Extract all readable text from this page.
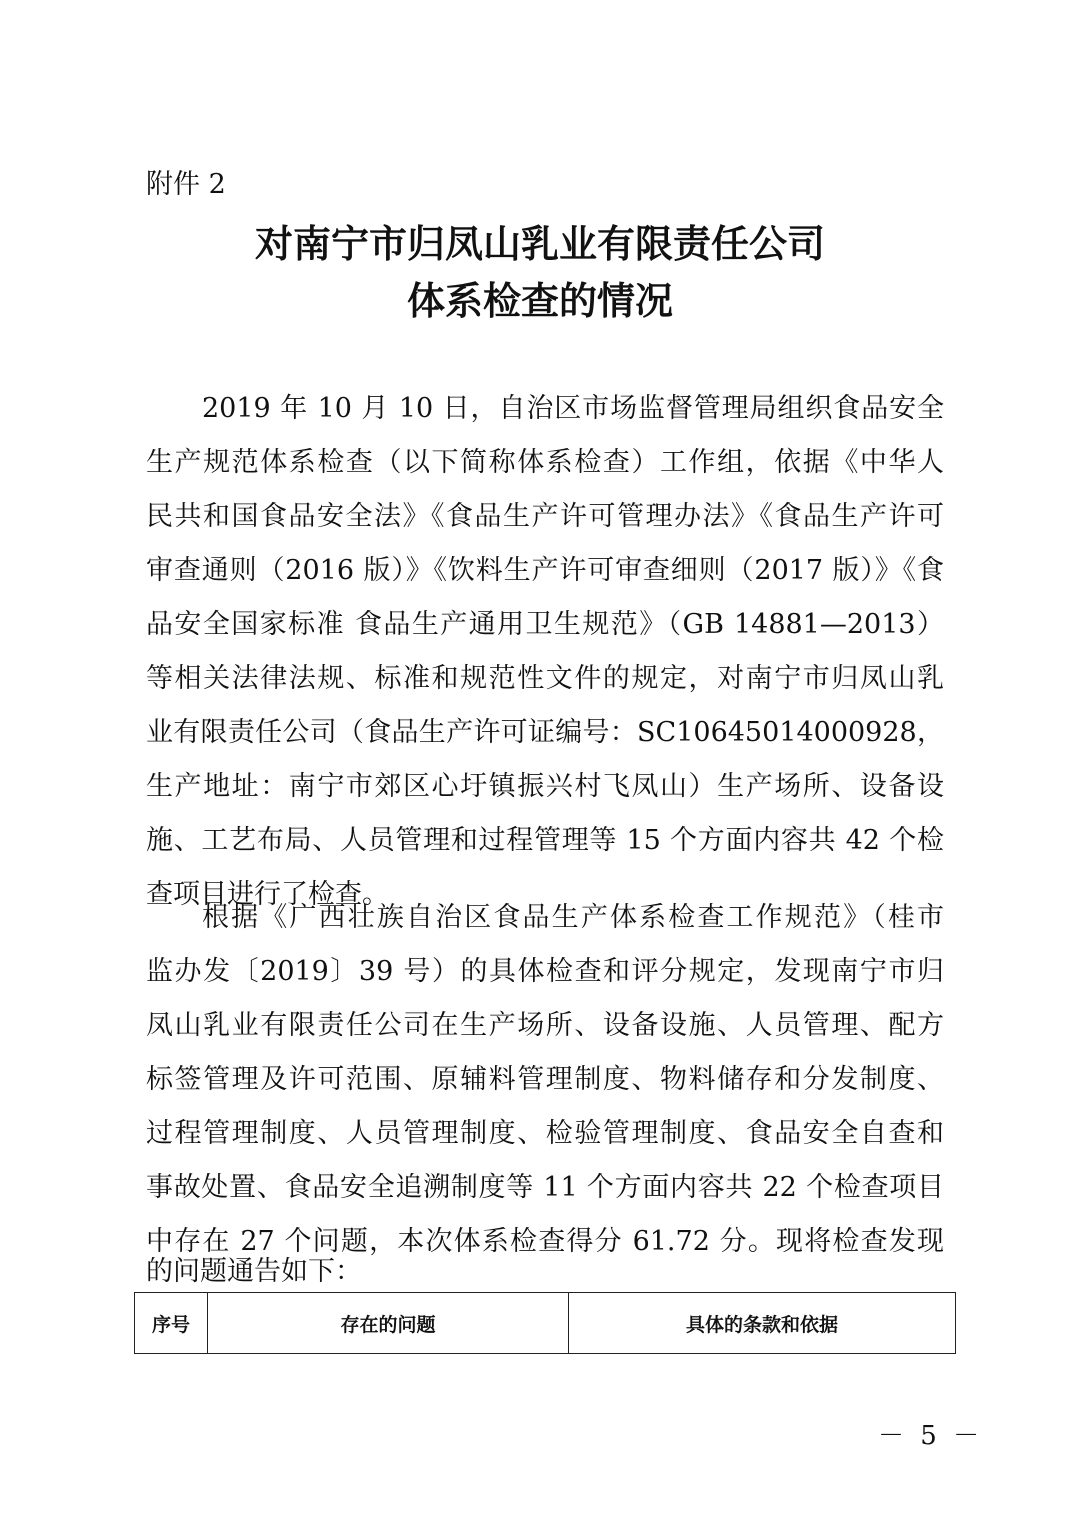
附件 2
对南宁市归凤山乳业有限责任公司
体系检查的情况
2019 年 10 月 10 日，自治区市场监督管理局组织食品安全
生产规范体系检查（以下简称体系检查）工作组，依据《中华人
民共和国食品安全法》《食品生产许可管理办法》《食品生产许可
审查通则（2016 版）》《饮料生产许可审查细则（2017 版）》《食
品安全国家标准 食品生产通用卫生规范》（GB 14881—2013）
等相关法律法规、标准和规范性文件的规定，对南宁市归凤山乳
业有限责任公司（食品生产许可证编号：SC10645014000928，
生产地址：南宁市郊区心圩镇振兴村飞凤山）生产场所、设备设
施、工艺布局、人员管理和过程管理等 15 个方面内容共 42 个检
查项目进行了检查。
根据《广西壮族自治区食品生产体系检查工作规范》（桂市
监办发〔2019〕39 号）的具体检查和评分规定，发现南宁市归
凤山乳业有限责任公司在生产场所、设备设施、人员管理、配方
标签管理及许可范围、原辅料管理制度、物料储存和分发制度、
过程管理制度、人员管理制度、检验管理制度、食品安全自查和
事故处置、食品安全追溯制度等 11 个方面内容共 22 个检查项目
中存在 27 个问题，本次体系检查得分 61.72 分。现将检查发现
的问题通告如下：
序号	存在的问题	具体的条款和依据
－ 5 －
